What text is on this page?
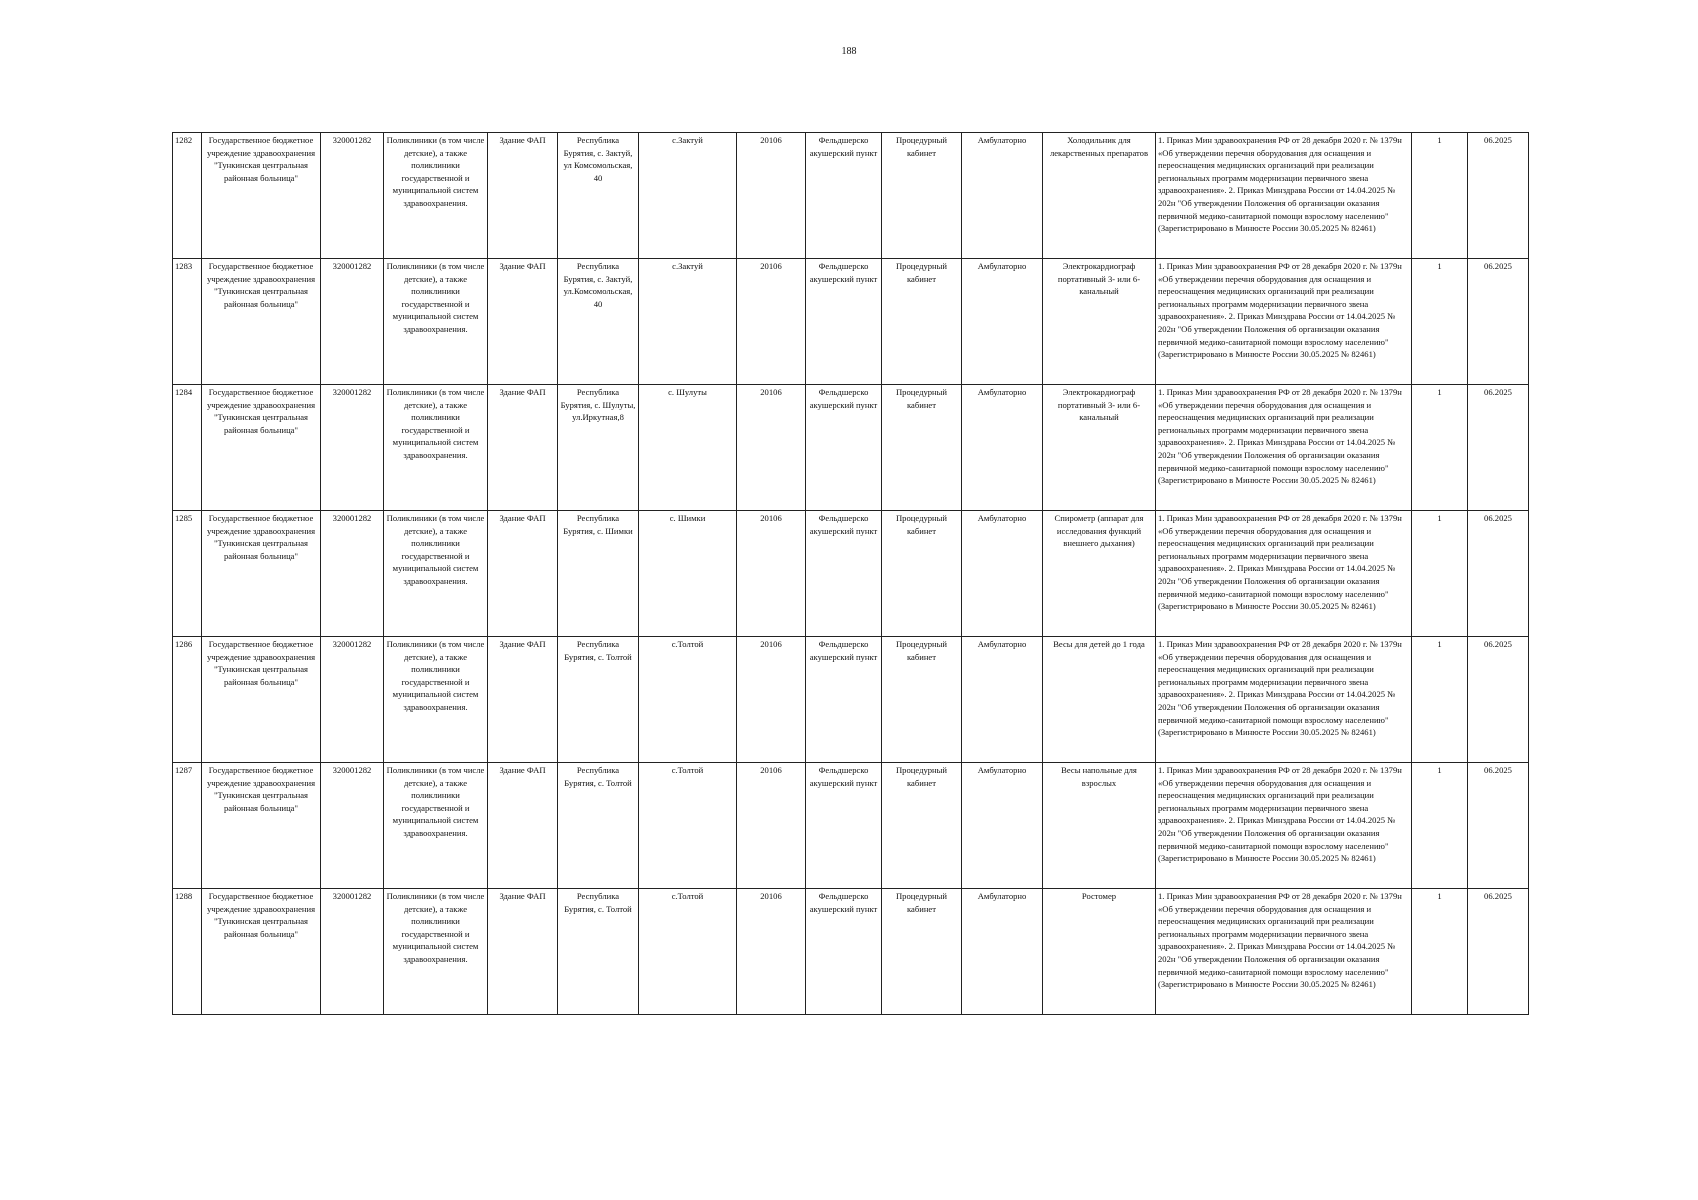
188
1282	Государственное бюджетное учреждение здравоохранения "Тункинская центральная районная больница"	320001282	Поликлиники (в том числе детские), а также поликлиники государственной и муниципальной систем здравоохранения.	Здание ФАП	Республика Бурятия, с. Зактуй, ул Комсомольская, 40	с.Зактуй	20106	Фельдшерско акушерский пункт	Процедурный кабинет	Амбулаторно	Холодильник для лекарственных препаратов	1. Приказ Мин здравоохранения РФ от 28 декабря 2020 г. № 1379н «Об утверждении перечня оборудования для оснащения и переоснащения медицинских организаций при реализации региональных программ модернизации первичного звена здравоохранения». 2. Приказ Минздрава России от 14.04.2025 № 202н "Об утверждении Положения об организации оказания первичной медико-санитарной помощи взрослому населению" (Зарегистрировано в Минюсте России 30.05.2025 № 82461)	1	06.2025
1283	Государственное бюджетное учреждение здравоохранения "Тункинская центральная районная больница"	320001282	Поликлиники (в том числе детские), а также поликлиники государственной и муниципальной систем здравоохранения.	Здание ФАП	Республика Бурятия, с. Зактуй, ул.Комсомольская, 40	с.Зактуй	20106	Фельдшерско акушерский пункт	Процедурный кабинет	Амбулаторно	Электрокардиограф портативный 3- или 6-канальный	1. Приказ Мин здравоохранения РФ от 28 декабря 2020 г. № 1379н «Об утверждении перечня оборудования для оснащения и переоснащения медицинских организаций при реализации региональных программ модернизации первичного звена здравоохранения». 2. Приказ Минздрава России от 14.04.2025 № 202н "Об утверждении Положения об организации оказания первичной медико-санитарной помощи взрослому населению" (Зарегистрировано в Минюсте России 30.05.2025 № 82461)	1	06.2025
1284	Государственное бюджетное учреждение здравоохранения "Тункинская центральная районная больница"	320001282	Поликлиники (в том числе детские), а также поликлиники государственной и муниципальной систем здравоохранения.	Здание ФАП	Республика Бурятия, с. Шулуты, ул.Иркутная,8	с. Шулуты	20106	Фельдшерско акушерский пункт	Процедурный кабинет	Амбулаторно	Электрокардиограф портативный 3- или 6-канальный	1. Приказ Мин здравоохранения РФ от 28 декабря 2020 г. № 1379н «Об утверждении перечня оборудования для оснащения и переоснащения медицинских организаций при реализации региональных программ модернизации первичного звена здравоохранения». 2. Приказ Минздрава России от 14.04.2025 № 202н "Об утверждении Положения об организации оказания первичной медико-санитарной помощи взрослому населению" (Зарегистрировано в Минюсте России 30.05.2025 № 82461)	1	06.2025
1285	Государственное бюджетное учреждение здравоохранения "Тункинская центральная районная больница"	320001282	Поликлиники (в том числе детские), а также поликлиники государственной и муниципальной систем здравоохранения.	Здание ФАП	Республика Бурятия, с. Шимки	с. Шимки	20106	Фельдшерско акушерский пункт	Процедурный кабинет	Амбулаторно	Спирометр (аппарат для исследования функций внешнего дыхания)	1. Приказ Мин здравоохранения РФ от 28 декабря 2020 г. № 1379н «Об утверждении перечня оборудования для оснащения и переоснащения медицинских организаций при реализации региональных программ модернизации первичного звена здравоохранения». 2. Приказ Минздрава России от 14.04.2025 № 202н "Об утверждении Положения об организации оказания первичной медико-санитарной помощи взрослому населению" (Зарегистрировано в Минюсте России 30.05.2025 № 82461)	1	06.2025
1286	Государственное бюджетное учреждение здравоохранения "Тункинская центральная районная больница"	320001282	Поликлиники (в том числе детские), а также поликлиники государственной и муниципальной систем здравоохранения.	Здание ФАП	Республика Бурятия, с. Толтой	с.Толтой	20106	Фельдшерско акушерский пункт	Процедурный кабинет	Амбулаторно	Весы для детей до 1 года	1. Приказ Мин здравоохранения РФ от 28 декабря 2020 г. № 1379н «Об утверждении перечня оборудования для оснащения и переоснащения медицинских организаций при реализации региональных программ модернизации первичного звена здравоохранения». 2. Приказ Минздрава России от 14.04.2025 № 202н "Об утверждении Положения об организации оказания первичной медико-санитарной помощи взрослому населению" (Зарегистрировано в Минюсте России 30.05.2025 № 82461)	1	06.2025
1287	Государственное бюджетное учреждение здравоохранения "Тункинская центральная районная больница"	320001282	Поликлиники (в том числе детские), а также поликлиники государственной и муниципальной систем здравоохранения.	Здание ФАП	Республика Бурятия, с. Толтой	с.Толтой	20106	Фельдшерско акушерский пункт	Процедурный кабинет	Амбулаторно	Весы напольные для взрослых	1. Приказ Мин здравоохранения РФ от 28 декабря 2020 г. № 1379н «Об утверждении перечня оборудования для оснащения и переоснащения медицинских организаций при реализации региональных программ модернизации первичного звена здравоохранения». 2. Приказ Минздрава России от 14.04.2025 № 202н "Об утверждении Положения об организации оказания первичной медико-санитарной помощи взрослому населению" (Зарегистрировано в Минюсте России 30.05.2025 № 82461)	1	06.2025
1288	Государственное бюджетное учреждение здравоохранения "Тункинская центральная районная больница"	320001282	Поликлиники (в том числе детские), а также поликлиники государственной и муниципальной систем здравоохранения.	Здание ФАП	Республика Бурятия, с. Толтой	с.Толтой	20106	Фельдшерско акушерский пункт	Процедурный кабинет	Амбулаторно	Ростомер	1. Приказ Мин здравоохранения РФ от 28 декабря 2020 г. № 1379н «Об утверждении перечня оборудования для оснащения и переоснащения медицинских организаций при реализации региональных программ модернизации первичного звена здравоохранения». 2. Приказ Минздрава России от 14.04.2025 № 202н "Об утверждении Положения об организации оказания первичной медико-санитарной помощи взрослому населению" (Зарегистрировано в Минюсте России 30.05.2025 № 82461)	1	06.2025
